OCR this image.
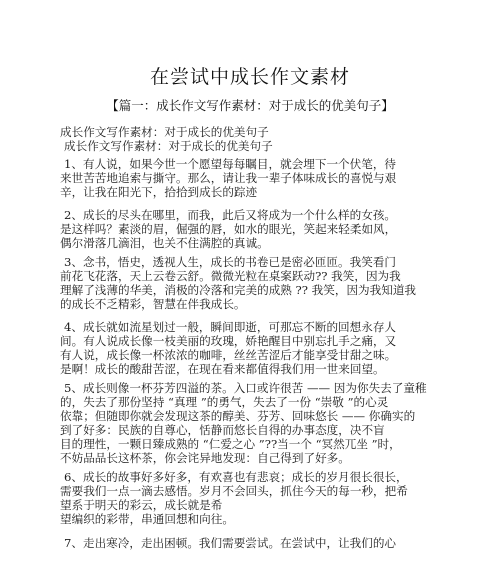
在尝试中成长作文素材
【篇一：成长作文写作素材：对于成长的优美句子】
成长作文写作素材：对于成长的优美句子
成长作文写作素材：对于成长的优美句子
1、有人说，如果今世一个愿望每每瞩目，就会埋下一个伏笔，待
来世苦苦地追索与撕守。那么，请让我一辈子体味成长的喜悦与艰
辛，让我在阳光下，拾拾到成长的踪迹
2、成长的尽头在哪里，而我，此后又将成为一个什么样的女孩。
是这样吗？素淡的眉，倔强的唇，如水的眼光，笑起来轻柔如风，
偶尔滑落几滴泪，也关不住满腔的真诚。
3、念书，悟史，透视人生，成长的书卷已是密必匝匝。我笑看门
前花飞花落，天上云卷云舒。微微光粒在桌案跃动?? 我笑，因为我
理解了浅薄的华美，消极的冷落和完美的成熟 ?? 我笑，因为我知道我
的成长不乏精彩，智慧在伴我成长。
4、成长就如流星划过一般，瞬间即逝，可那忘不断的回想永存人
间。有人说成长像一枝美丽的玫瑰，娇艳醒目中别忘扎手之痛，又
有人说，成长像一杯浓浓的咖啡，丝丝苦涩后才能享受甘甜之味。
是啊！成长的酸甜苦涩，在现在看来都值得我们用一世来回望。
5、成长则像一杯芬芳四溢的茶。入口或许很苦 —— 因为你失去了童稚
的，失去了那份坚持 “真理 ”的勇气，失去了一份 “崇敬 ”的心灵
依靠；但随即你就会发现这茶的醇美、芬芳、回味悠长 —— 你确实的
到了好多：民族的自尊心，恬静而悠长自得的办事态度，决不盲
目的理性，一颗日臻成熟的 “仁爱之心 ”??当一个 “冥然兀坐 ”时，
不妨品品长这杯茶，你会诧异地发现：自己得到了好多。
6、成长的故事好多好多，有欢喜也有悲哀；成长的岁月很长很长，
需要我们一点一滴去感悟。岁月不会回头，抓住今天的每一秒，把希
望系于明天的彩云，成长就是希
望编织的彩带，串通回想和向往。
7、走出寒冷，走出困顿。我们需要尝试。在尝试中，让我们的心
